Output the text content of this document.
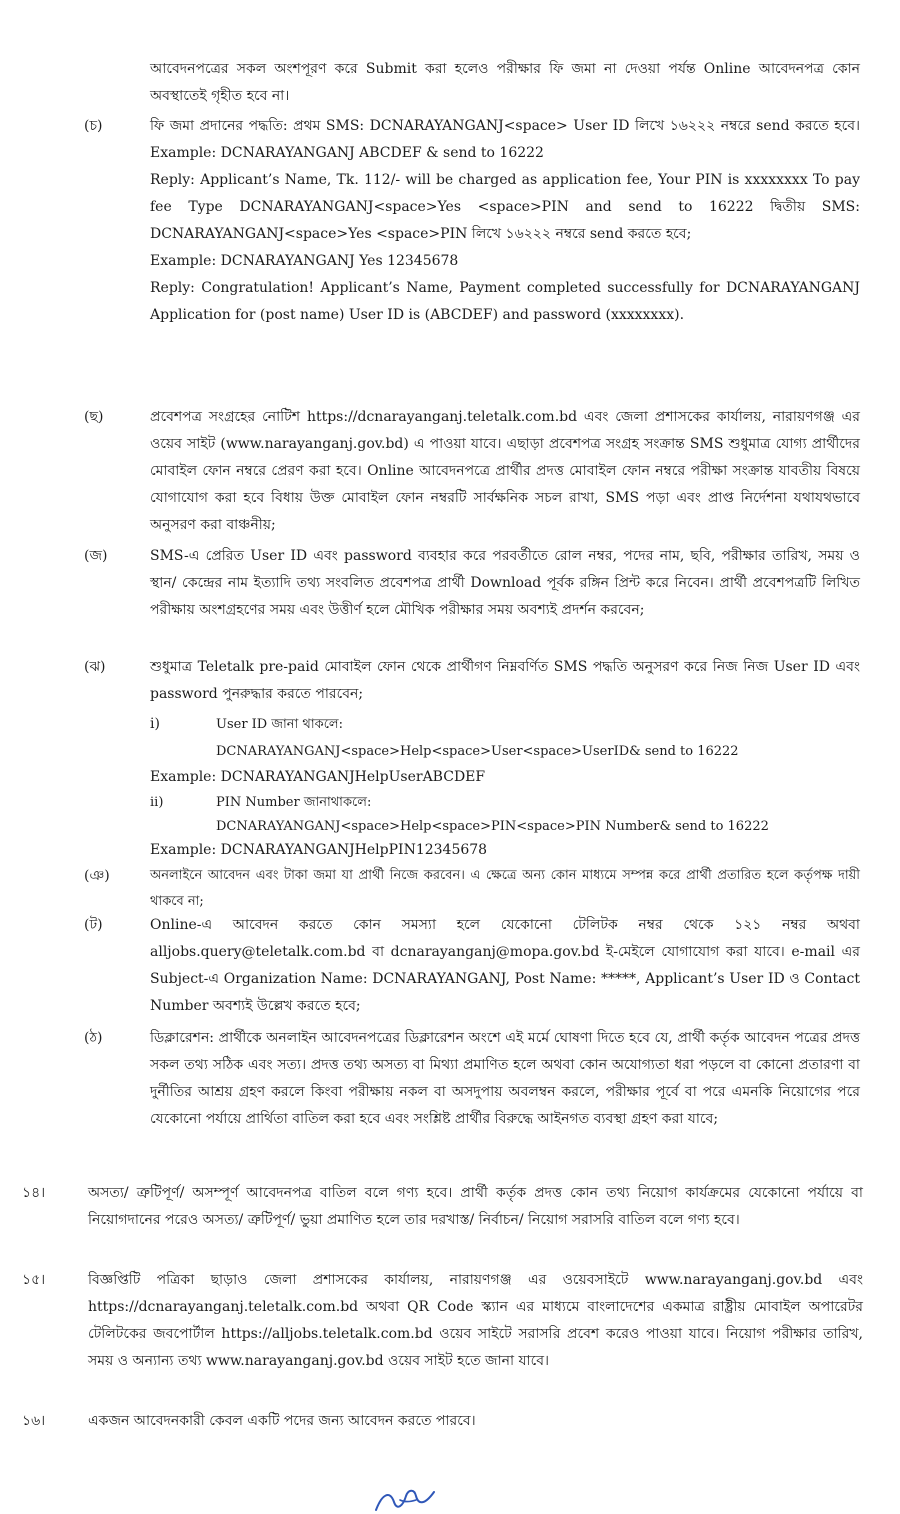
আবেদনপত্রের সকল অংশপূরণ করে Submit করা হলেও পরীক্ষার ফি জমা না দেওয়া পর্যন্ত Online আবেদনপত্র কোন অবস্থাতেই গৃহীত হবে না।
(চ)	ফি জমা প্রদানের পদ্ধতি: প্রথম SMS: DCNARAYANGANJ<space> User ID লিখে ১৬২২২ নম্বরে send করতে হবে। Example: DCNARAYANGANJ ABCDEF & send to 16222
Reply: Applicant’s Name, Tk. 112/- will be charged as application fee, Your PIN is xxxxxxxx To pay fee Type DCNARAYANGANJ<space>Yes <space>PIN and send to 16222 দ্বিতীয় SMS: DCNARAYANGANJ<space>Yes <space>PIN লিখে ১৬২২২ নম্বরে send করতে হবে;
Example: DCNARAYANGANJ Yes 12345678
Reply: Congratulation! Applicant’s Name, Payment completed successfully for DCNARAYANGANJ Application for (post name) User ID is (ABCDEF) and password (xxxxxxxx).
(ছ)	প্রবেশপত্র সংগ্রহের নোটিশ https://dcnarayanganj.teletalk.com.bd এবং জেলা প্রশাসকের কার্যালয়, নারায়ণগঞ্জ এর ওয়েব সাইট (www.narayanganj.gov.bd) এ পাওয়া যাবে। এছাড়া প্রবেশপত্র সংগ্রহ সংক্রান্ত SMS শুধুমাত্র যোগ্য প্রার্থীদের মোবাইল ফোন নম্বরে প্রেরণ করা হবে। Online আবেদনপত্রে প্রার্থীর প্রদত্ত মোবাইল ফোন নম্বরে পরীক্ষা সংক্রান্ত যাবতীয় বিষয়ে যোগাযোগ করা হবে বিধায় উক্ত মোবাইল ফোন নম্বরটি সার্বক্ষনিক সচল রাখা, SMS পড়া এবং প্রাপ্ত নির্দেশনা যথাযথভাবে অনুসরণ করা বাঞ্চনীয়;
(জ)	SMS-এ প্রেরিত User ID এবং password ব্যবহার করে পরবর্তীতে রোল নম্বর, পদের নাম, ছবি, পরীক্ষার তারিখ, সময় ও স্থান/ কেন্দ্রের নাম ইত্যাদি তথ্য সংবলিত প্রবেশপত্র প্রার্থী Download পূর্বক রঙ্গিন প্রিন্ট করে নিবেন। প্রার্থী প্রবেশপত্রটি লিখিত পরীক্ষায় অংশগ্রহণের সময় এবং উত্তীর্ণ হলে মৌখিক পরীক্ষার সময় অবশ্যই প্রদর্শন করবেন;
(ঝ)	শুধুমাত্র Teletalk pre-paid মোবাইল ফোন থেকে প্রার্থীগণ নিম্নবর্ণিত SMS পদ্ধতি অনুসরণ করে নিজ নিজ User ID এবং password পুনরুদ্ধার করতে পারবেন;
i)	User ID জানা থাকলে:
DCNARAYANGANJ<space>Help<space>User<space>UserID& send to 16222
Example: DCNARAYANGANJHelpUserABCDEF
ii)	PIN Number জানাথাকলে:
DCNARAYANGANJ<space>Help<space>PIN<space>PIN Number& send to 16222
Example: DCNARAYANGANJHelpPIN12345678
(ঞ)	অনলাইনে আবেদন এবং টাকা জমা যা প্রার্থী নিজে করবেন। এ ক্ষেত্রে অন্য কোন মাধ্যমে সম্পন্ন করে প্রার্থী প্রতারিত হলে কর্তৃপক্ষ দায়ী থাকবে না;
(ট)	Online-এ আবেদন করতে কোন সমস্যা হলে যেকোনো টেলিটক নম্বর থেকে ১২১ নম্বর অথবা alljobs.query@teletalk.com.bd বা dcnarayanganj@mopa.gov.bd ই-মেইলে যোগাযোগ করা যাবে। e-mail এর Subject-এ Organization Name: DCNARAYANGANJ, Post Name: *****, Applicant’s User ID ও Contact Number অবশ্যই উল্লেখ করতে হবে;
(ঠ)	ডিক্লারেশন: প্রার্থীকে অনলাইন আবেদনপত্রের ডিক্লারেশন অংশে এই মর্মে ঘোষণা দিতে হবে যে, প্রার্থী কর্তৃক আবেদন পত্রের প্রদত্ত সকল তথ্য সঠিক এবং সত্য। প্রদত্ত তথ্য অসত্য বা মিথ্যা প্রমাণিত হলে অথবা কোন অযোগ্যতা ধরা পড়লে বা কোনো প্রতারণা বা দুর্নীতির আশ্রয় গ্রহণ করলে কিংবা পরীক্ষায় নকল বা অসদুপায় অবলম্বন করলে, পরীক্ষার পূর্বে বা পরে এমনকি নিয়োগের পরে যেকোনো পর্যায়ে প্রার্থিতা বাতিল করা হবে এবং সংশ্লিষ্ট প্রার্থীর বিরুদ্ধে আইনগত ব্যবস্থা গ্রহণ করা যাবে;
১৪।	অসত্য/ ত্রুটিপূর্ণ/ অসম্পূর্ণ আবেদনপত্র বাতিল বলে গণ্য হবে। প্রার্থী কর্তৃক প্রদত্ত কোন তথ্য নিয়োগ কার্যক্রমের যেকোনো পর্যায়ে বা নিয়োগদানের পরেও অসত্য/ ত্রুটিপূর্ণ/ ভুয়া প্রমাণিত হলে তার দরখাস্ত/ নির্বাচন/ নিয়োগ সরাসরি বাতিল বলে গণ্য হবে।
১৫।	বিজ্ঞপ্তিটি পত্রিকা ছাড়াও জেলা প্রশাসকের কার্যালয়, নারায়ণগঞ্জ এর ওয়েবসাইটে www.narayanganj.gov.bd এবং https://dcnarayanganj.teletalk.com.bd অথবা QR Code স্ক্যান এর মাধ্যমে বাংলাদেশের একমাত্র রাষ্ট্রীয় মোবাইল অপারেটর টেলিটকের জবপোর্টাল https://alljobs.teletalk.com.bd ওয়েব সাইটে সরাসরি প্রবেশ করেও পাওয়া যাবে। নিয়োগ পরীক্ষার তারিখ, সময় ও অন্যান্য তথ্য www.narayanganj.gov.bd ওয়েব সাইট হতে জানা যাবে।
১৬।	একজন আবেদনকারী কেবল একটি পদের জন্য আবেদন করতে পারবে।
